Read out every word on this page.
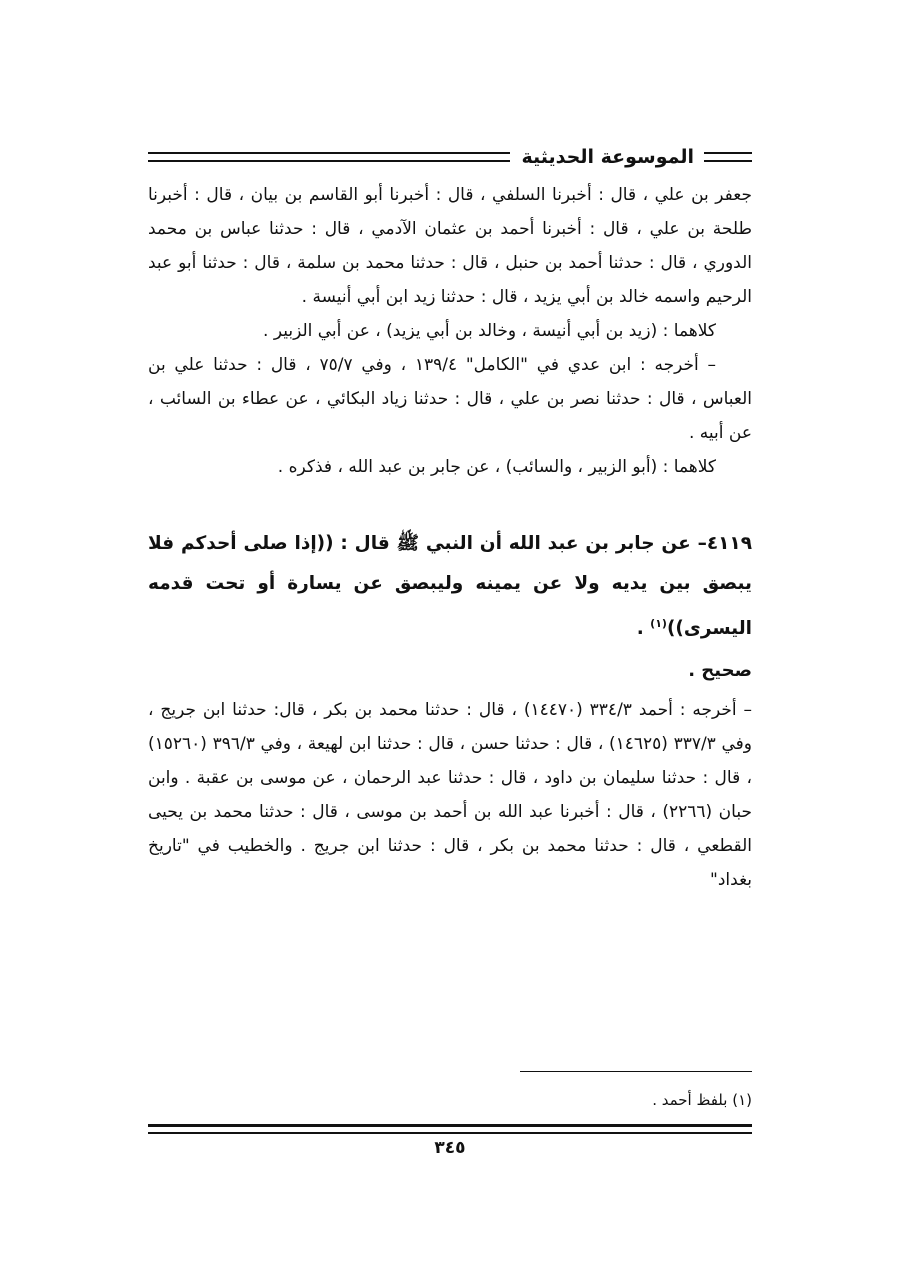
الموسوعة الحديثية

جعفر بن علي ، قال : أخبرنا السلفي ، قال : أخبرنا أبو القاسم بن بيان ، قال : أخبرنا طلحة بن علي ، قال : أخبرنا أحمد بن عثمان الآدمي ، قال : حدثنا عباس بن محمد الدوري ، قال : حدثنا أحمد بن حنبل ، قال : حدثنا محمد بن سلمة ، قال : حدثنا أبو عبد الرحيم واسمه خالد بن أبي يزيد ، قال : حدثنا زيد ابن أبي أنيسة .

كلاهما : (زيد بن أبي أنيسة ، وخالد بن أبي يزيد) ، عن أبي الزبير .

– أخرجه : ابن عدي في "الكامل" ١٣٩/٤ ، وفي ٧٥/٧ ، قال : حدثنا علي بن العباس ، قال : حدثنا نصر بن علي ، قال : حدثنا زياد البكائي ، عن عطاء بن السائب ، عن أبيه .

كلاهما : (أبو الزبير ، والسائب) ، عن جابر بن عبد الله ، فذكره .

٤١١٩– عن جابر بن عبد الله أن النبي ﷺ قال : ((إذا صلى أحدكم فلا يبصق بين يديه ولا عن يمينه وليبصق عن يسارة أو تحت قدمه اليسرى))$^{(١)}$ .

صحيح .

– أخرجه : أحمد ٣٣٤/٣ (١٤٤٧٠) ، قال : حدثنا محمد بن بكر ، قال: حدثنا ابن جريج ، وفي ٣٣٧/٣ (١٤٦٢٥) ، قال : حدثنا حسن ، قال : حدثنا ابن لهيعة ، وفي ٣٩٦/٣ (١٥٢٦٠) ، قال : حدثنا سليمان بن داود ، قال : حدثنا عبد الرحمان ، عن موسى بن عقبة . وابن حبان (٢٢٦٦) ، قال : أخبرنا عبد الله بن أحمد بن موسى ، قال : حدثنا محمد بن يحيى القطعي ، قال : حدثنا محمد بن بكر ، قال : حدثنا ابن جريج . والخطيب في "تاريخ بغداد"

(١) بلفظ أحمد .
٣٤٥
